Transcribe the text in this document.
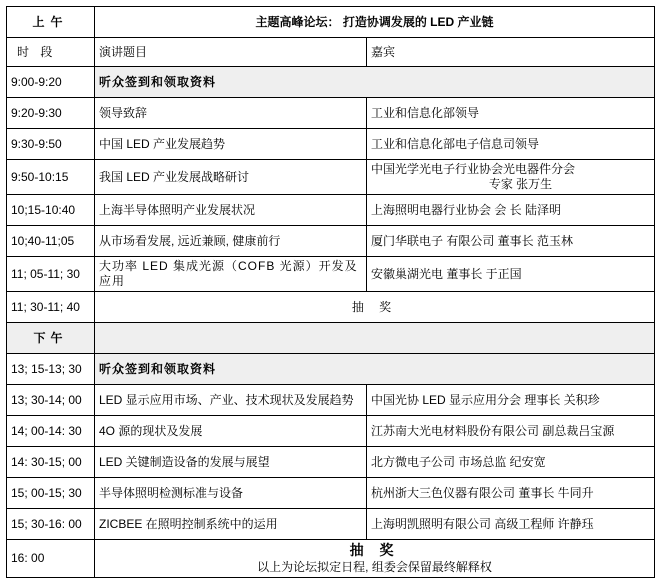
上午	主题高峰论坛： 打造协调发展的 LED 产业链	
时 段	演讲题目	嘉宾
9:00-9:20	听众签到和领取资料	
9:20-9:30	领导致辞	工业和信息化部领导
9:30-9:50	中国 LED 产业发展趋势	工业和信息化部电子信息司领导
9:50-10:15	我国 LED 产业发展战略研讨	中国光学光电子行业协会光电器件分会
专家 张万生

10;15-10:40	上海半导体照明产业发展状况	上海照明电器行业协会 会 长 陆泽明
10;40-11;05	从市场看发展, 远近兼顾, 健康前行	厦门华联电子 有限公司 董事长 范玉林
11; 05-11; 30	大功率 LED 集成光源（COFB 光源）开发及应用	安徽巢湖光电 董事长 于正国
11; 30-11; 40	抽 奖	
下午		
13; 15-13; 30	听众签到和领取资料	
13; 30-14; 00	LED 显示应用市场、产业、技术现状及发展趋势	中国光协 LED 显示应用分会 理事长 关积珍
14; 00-14: 30	4O 源的现状及发展	江苏南大光电材料股份有限公司 副总裁吕宝源
14: 30-15; 00	LED 关键制造设备的发展与展望	北方微电子公司 市场总监 纪安宽
15; 00-15; 30	半导体照明检测标准与设备	杭州浙大三色仪器有限公司 董事长 牛同升
15; 30-16: 00	ZICBEE 在照明控制系统中的运用	上海明凯照明有限公司 高级工程师 许静珏
16: 00	抽 奖
以上为论坛拟定日程, 组委会保留最终解释权	
